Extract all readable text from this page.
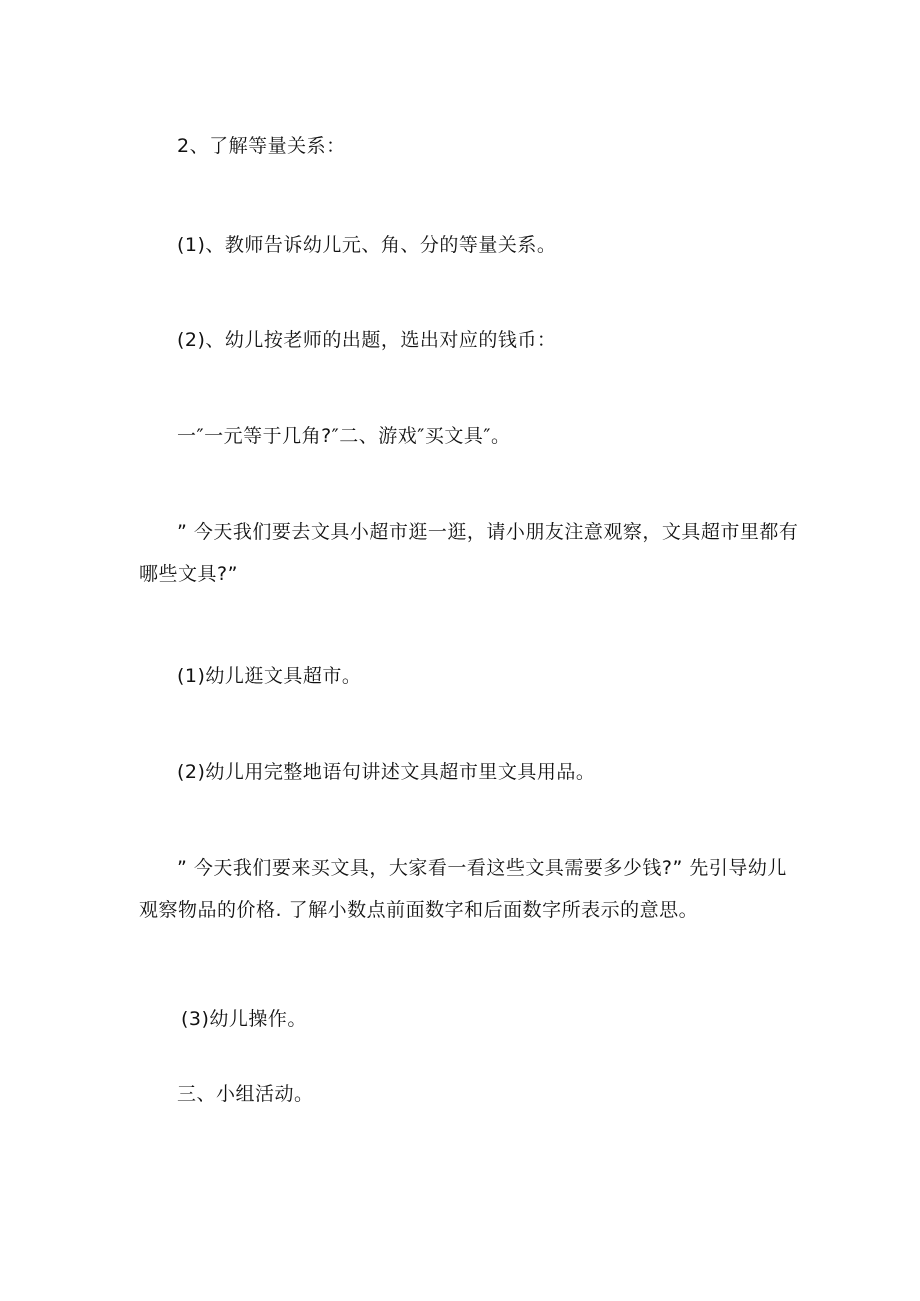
2、了解等量关系：
(1)、教师告诉幼儿元、角、分的等量关系。
(2)、幼儿按老师的出题，选出对应的钱币：
一″一元等于几角?″二、游戏″买文具″。
” 今天我们要去文具小超市逛一逛，请小朋友注意观察，文具超市里都有哪些文具?”
(1)幼儿逛文具超市。
(2)幼儿用完整地语句讲述文具超市里文具用品。
” 今天我们要来买文具，大家看一看这些文具需要多少钱?” 先引导幼儿观察物品的价格. 了解小数点前面数字和后面数字所表示的意思。
(3)幼儿操作。
三、小组活动。
